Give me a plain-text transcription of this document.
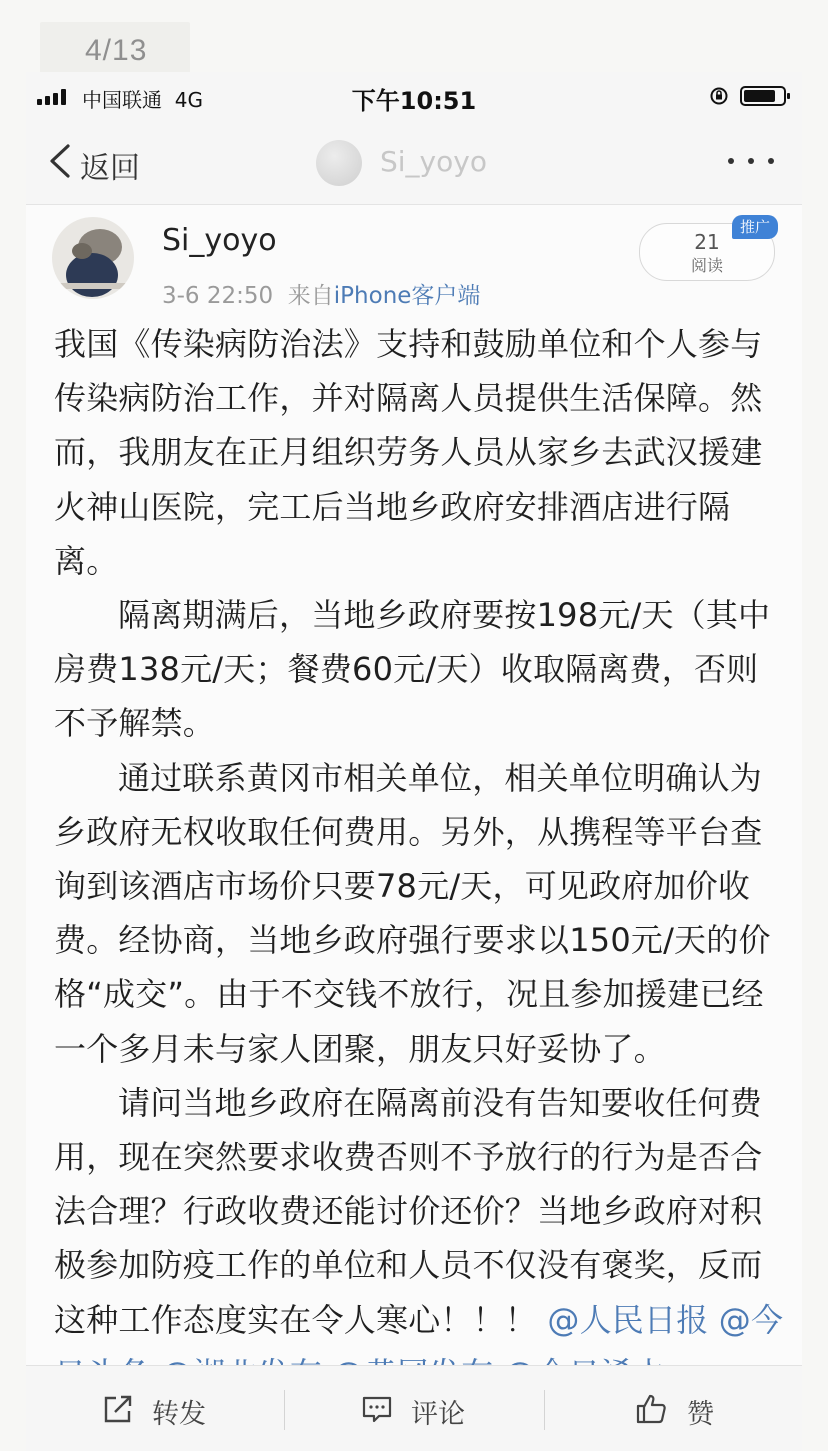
4/13
中国联通 4G	下午10:51
返回	Si_yoyo
Si_yoyo
3-6 22:50 来自iPhone客户端
21
阅读
推广

我国《传染病防治法》支持和鼓励单位和个人参与传染病防治工作，并对隔离人员提供生活保障。然而，我朋友在正月组织劳务人员从家乡去武汉援建火神山医院，完工后当地乡政府安排酒店进行隔离。

隔离期满后，当地乡政府要按198元/天（其中房费138元/天；餐费60元/天）收取隔离费，否则不予解禁。

通过联系黄冈市相关单位，相关单位明确认为乡政府无权收取任何费用。另外，从携程等平台查询到该酒店市场价只要78元/天，可见政府加价收费。经协商，当地乡政府强行要求以150元/天的价格“成交”。由于不交钱不放行，况且参加援建已经一个多月未与家人团聚，朋友只好妥协了。

请问当地乡政府在隔离前没有告知要收任何费用，现在突然要求收费否则不予放行的行为是否合法合理？行政收费还能讨价还价？当地乡政府对积极参加防疫工作的单位和人员不仅没有褒奖，反而这种工作态度实在令人寒心！！！ @人民日报 @今

转发	评论	赞
